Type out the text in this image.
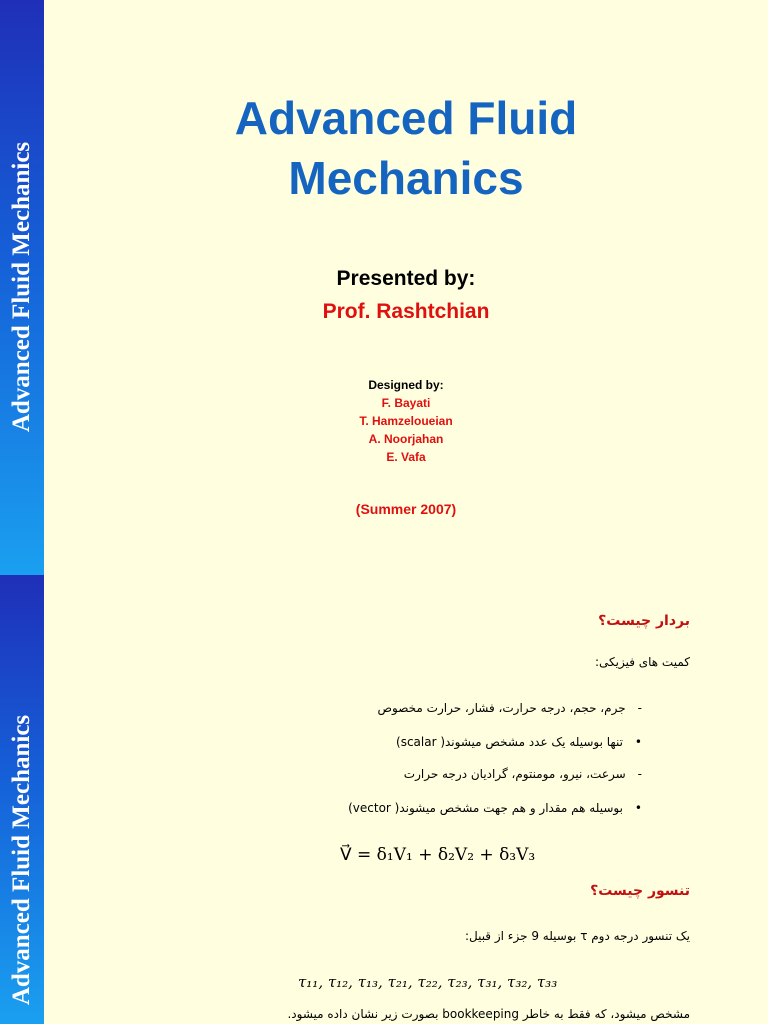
Advanced Fluid Mechanics
Advanced Fluid
Mechanics
Presented by:
Prof. Rashtchian
Designed by:
F. Bayati
T. Hamzeloueian
A. Noorjahan
E. Vafa
(Summer 2007)
Advanced Fluid Mechanics
بردار چیست؟
کمیت های فیزیکی:
-جرم، حجم، درجه حرارت، فشار، حرارت مخصوص
•تنها بوسیله یک عدد مشخص میشوند( scalar)
-سرعت، نیرو، مومنتوم، گرادیان درجه حرارت
•بوسیله هم مقدار و هم جهت مشخص میشوند( vector)
V⃗ = δ₁V₁ + δ₂V₂ + δ₃V₃
تنسور چیست؟
یک تنسور درجه دوم τ بوسیله 9 جزء از قبیل:
τ₁₁, τ₁₂, τ₁₃, τ₂₁, τ₂₂, τ₂₃, τ₃₁, τ₃₂, τ₃₃
مشخص میشود، که فقط به خاطر bookkeeping بصورت زیر نشان داده میشود.
